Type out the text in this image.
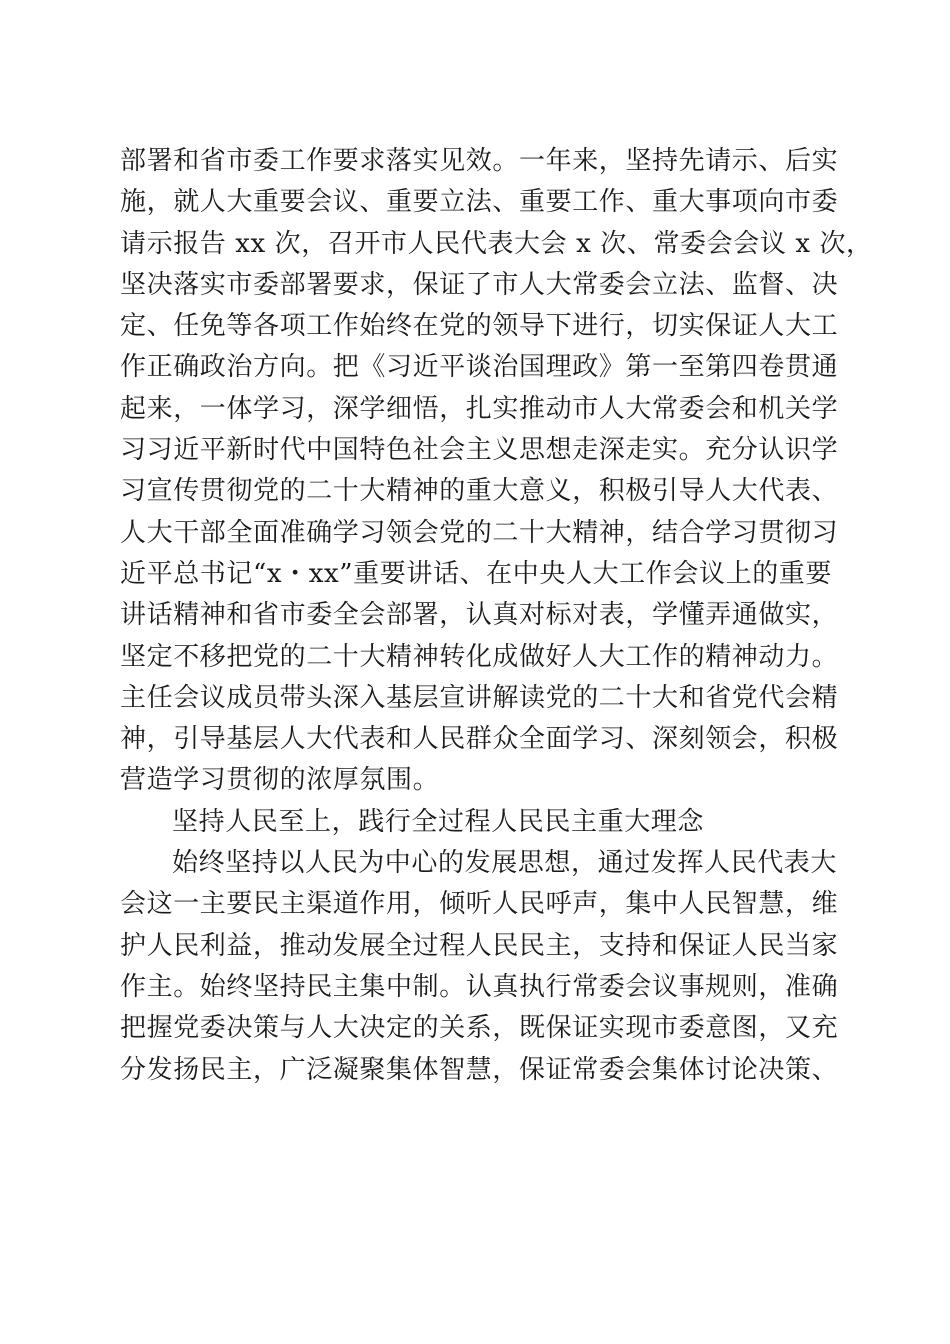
部署和省市委工作要求落实见效。一年来，坚持先请示、后实
施，就人大重要会议、重要立法、重要工作、重大事项向市委
请示报告 xx 次，召开市人民代表大会 x 次、常委会会议 x 次，
坚决落实市委部署要求，保证了市人大常委会立法、监督、决
定、任免等各项工作始终在党的领导下进行，切实保证人大工
作正确政治方向。把《习近平谈治国理政》第一至第四卷贯通
起来，一体学习，深学细悟，扎实推动市人大常委会和机关学
习习近平新时代中国特色社会主义思想走深走实。充分认识学
习宣传贯彻党的二十大精神的重大意义，积极引导人大代表、
人大干部全面准确学习领会党的二十大精神，结合学习贯彻习
近平总书记“x・xx”重要讲话、在中央人大工作会议上的重要
讲话精神和省市委全会部署，认真对标对表，学懂弄通做实，
坚定不移把党的二十大精神转化成做好人大工作的精神动力。
主任会议成员带头深入基层宣讲解读党的二十大和省党代会精
神，引导基层人大代表和人民群众全面学习、深刻领会，积极
营造学习贯彻的浓厚氛围。
坚持人民至上，践行全过程人民民主重大理念
始终坚持以人民为中心的发展思想，通过发挥人民代表大
会这一主要民主渠道作用，倾听人民呼声，集中人民智慧，维
护人民利益，推动发展全过程人民民主，支持和保证人民当家
作主。始终坚持民主集中制。认真执行常委会议事规则，准确
把握党委决策与人大决定的关系，既保证实现市委意图，又充
分发扬民主，广泛凝聚集体智慧，保证常委会集体讨论决策、
